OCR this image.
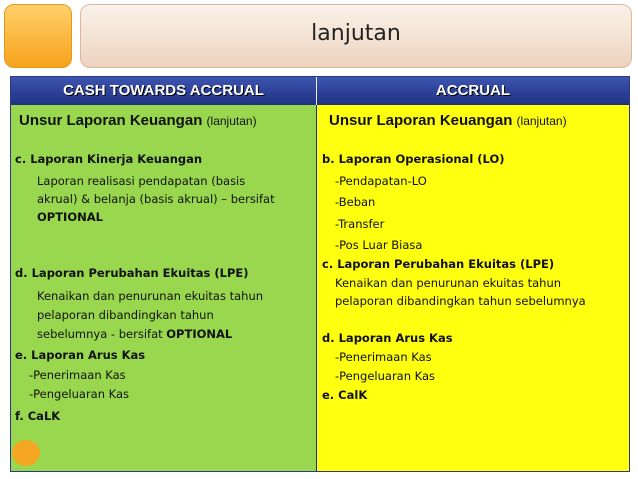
lanjutan
CASH TOWARDS ACCRUAL	ACCRUAL
Unsur Laporan Keuangan (lanjutan)
c. Laporan Kinerja Keuangan
Laporan realisasi pendapatan (basis
akrual) & belanja (basis akrual) – bersifat
OPTIONAL
d. Laporan Perubahan Ekuitas (LPE)
Kenaikan dan penurunan ekuitas tahun
pelaporan dibandingkan tahun
sebelumnya - bersifat OPTIONAL
e. Laporan Arus Kas
-Penerimaan Kas
-Pengeluaran Kas
f. CaLK
Unsur Laporan Keuangan (lanjutan)
b. Laporan Operasional (LO)
-Pendapatan-LO
-Beban
-Transfer
-Pos Luar Biasa
c. Laporan Perubahan Ekuitas (LPE)
Kenaikan dan penurunan ekuitas tahun
pelaporan dibandingkan tahun sebelumnya
d. Laporan Arus Kas
-Penerimaan Kas
-Pengeluaran Kas
e. CalK
